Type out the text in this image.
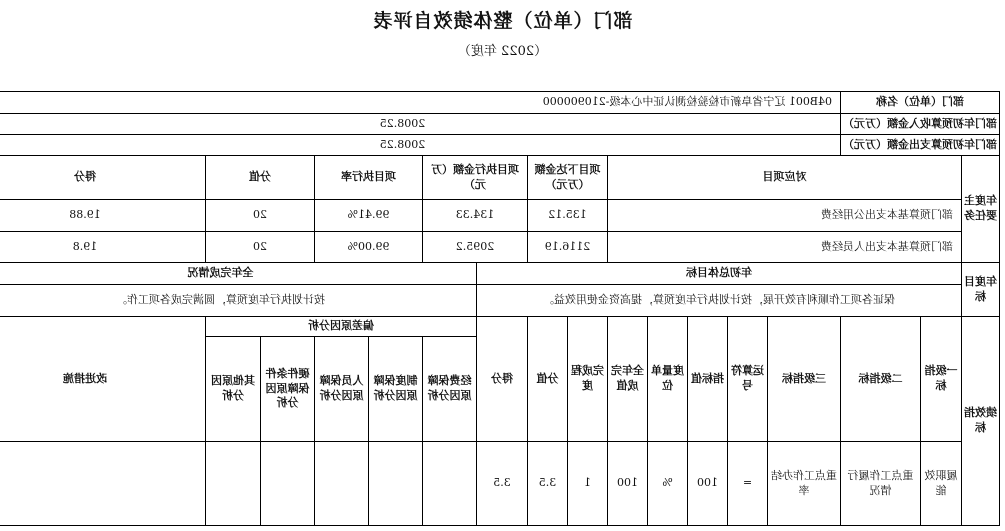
部门（单位）整体绩效自评表
（2022 年度）
部门（单位）名称			04B001 辽宁省阜新市检验检测认证中心本级-210900000													
部门年初预算收入金额（万元）			2008.25													
部门年初预算支出金额（万元）			2008.25													
年度主要任务	对应项目							项目下达金额（万元）		项目执行金额（万元）		项目执行率		分值		得分
	部门预算基本支出公用经费							135.12		134.33		99.41%		20		19.88
	部门预算基本支出人员经费							2116.19		2095.2		99.00%		20		19.8
年度目标	年初总体目标										全年完成情况					
	保证各项工作顺利有效开展，按计划执行年度预算，提高资金使用效益。										按计划执行年度预算，圆满完成各项工作。					
绩效指标	一级指标	二级指标	三级指标	运算符号	指标值	度量单位	全年完成值	完成程度	分值	得分	偏差原因分析					改进措施
											经费保障原因分析	制度保障原因分析	人员保障原因分析	硬件条件保障原因分析	其他原因分析	
	履职效能	重点工作履行情况	重点工作办结率	=	100	%	100	1	3.5	3.5						
